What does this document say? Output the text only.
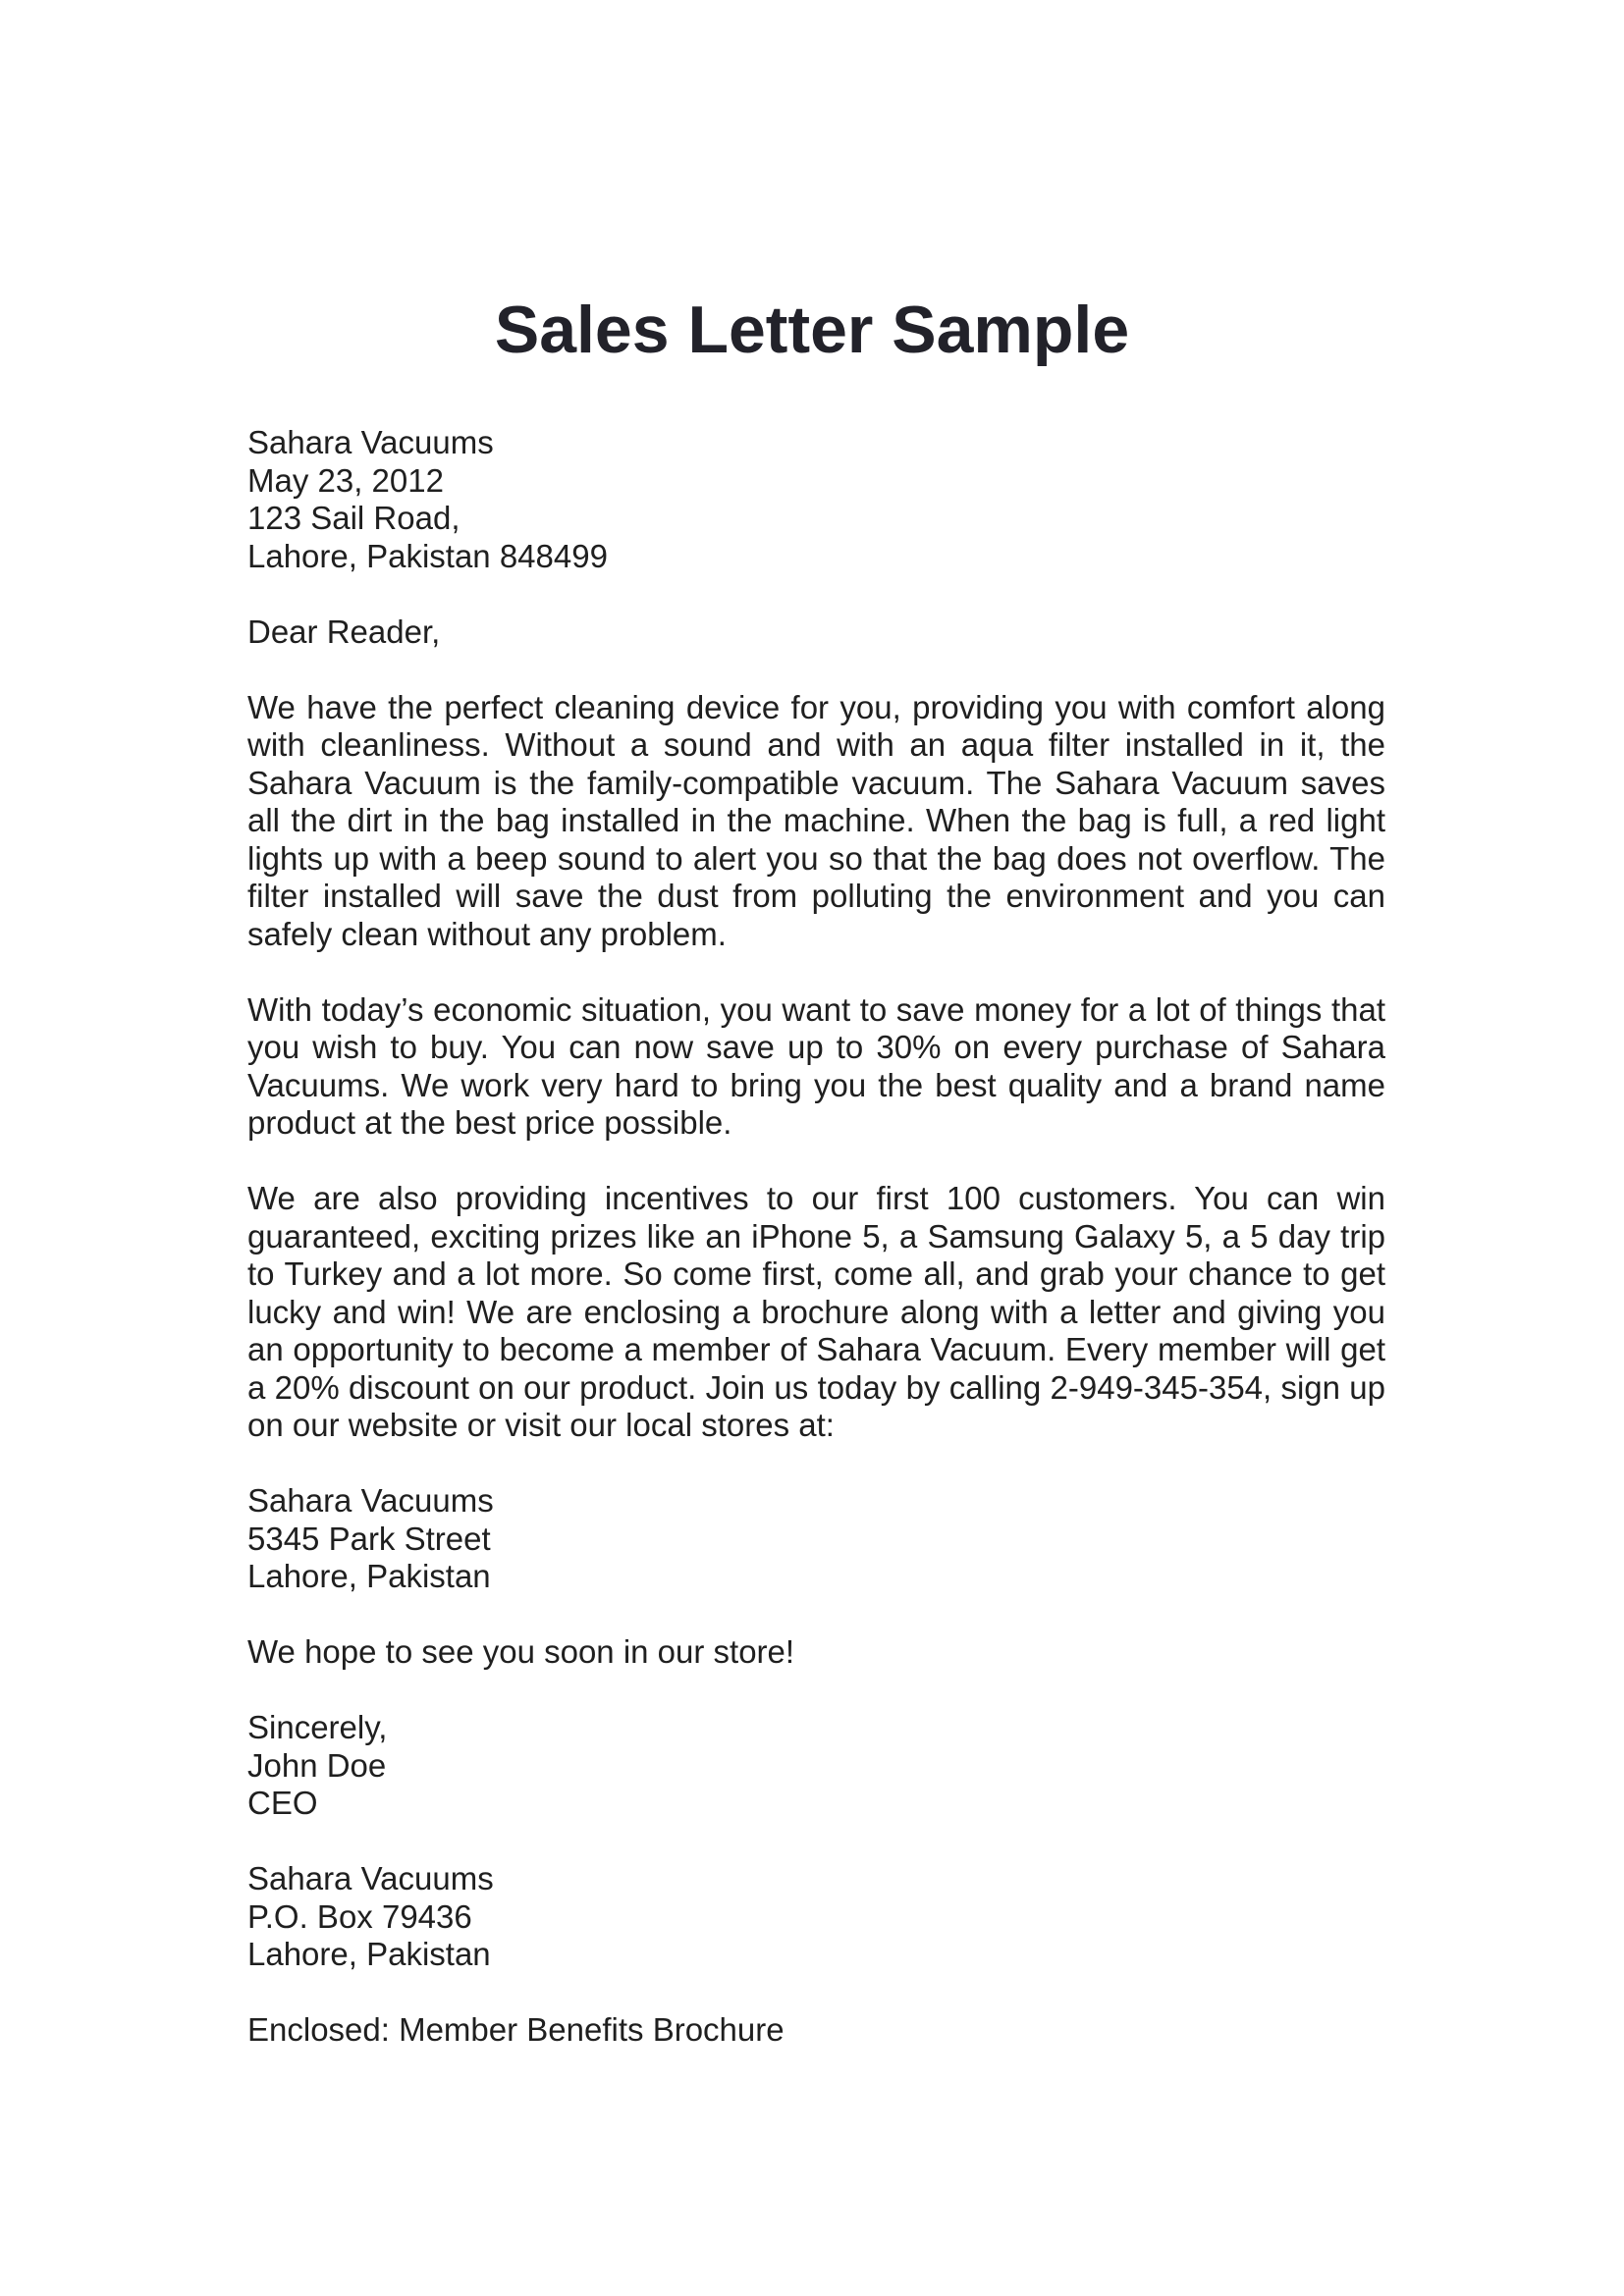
Sales Letter Sample
Sahara Vacuums
May 23, 2012
123 Sail Road,
Lahore, Pakistan 848499
Dear Reader,

We have the perfect cleaning device for you, providing you with comfort along with cleanliness. Without a sound and with an aqua filter installed in it, the Sahara Vacuum is the family-compatible vacuum. The Sahara Vacuum saves all the dirt in the bag installed in the machine. When the bag is full, a red light lights up with a beep sound to alert you so that the bag does not overflow. The filter installed will save the dust from polluting the environment and you can safely clean without any problem.

With today’s economic situation, you want to save money for a lot of things that you wish to buy. You can now save up to 30% on every purchase of Sahara Vacuums. We work very hard to bring you the best quality and a brand name product at the best price possible.

We are also providing incentives to our first 100 customers. You can win guaranteed, exciting prizes like an iPhone 5, a Samsung Galaxy 5, a 5 day trip to Turkey and a lot more. So come first, come all, and grab your chance to get lucky and win! We are enclosing a brochure along with a letter and giving you an opportunity to become a member of Sahara Vacuum. Every member will get a 20% discount on our product. Join us today by calling 2-949-345-354, sign up on our website or visit our local stores at:

Sahara Vacuums
5345 Park Street
Lahore, Pakistan
We hope to see you soon in our store!
Sincerely,
John Doe
CEO
Sahara Vacuums
P.O. Box 79436
Lahore, Pakistan
Enclosed: Member Benefits Brochure
